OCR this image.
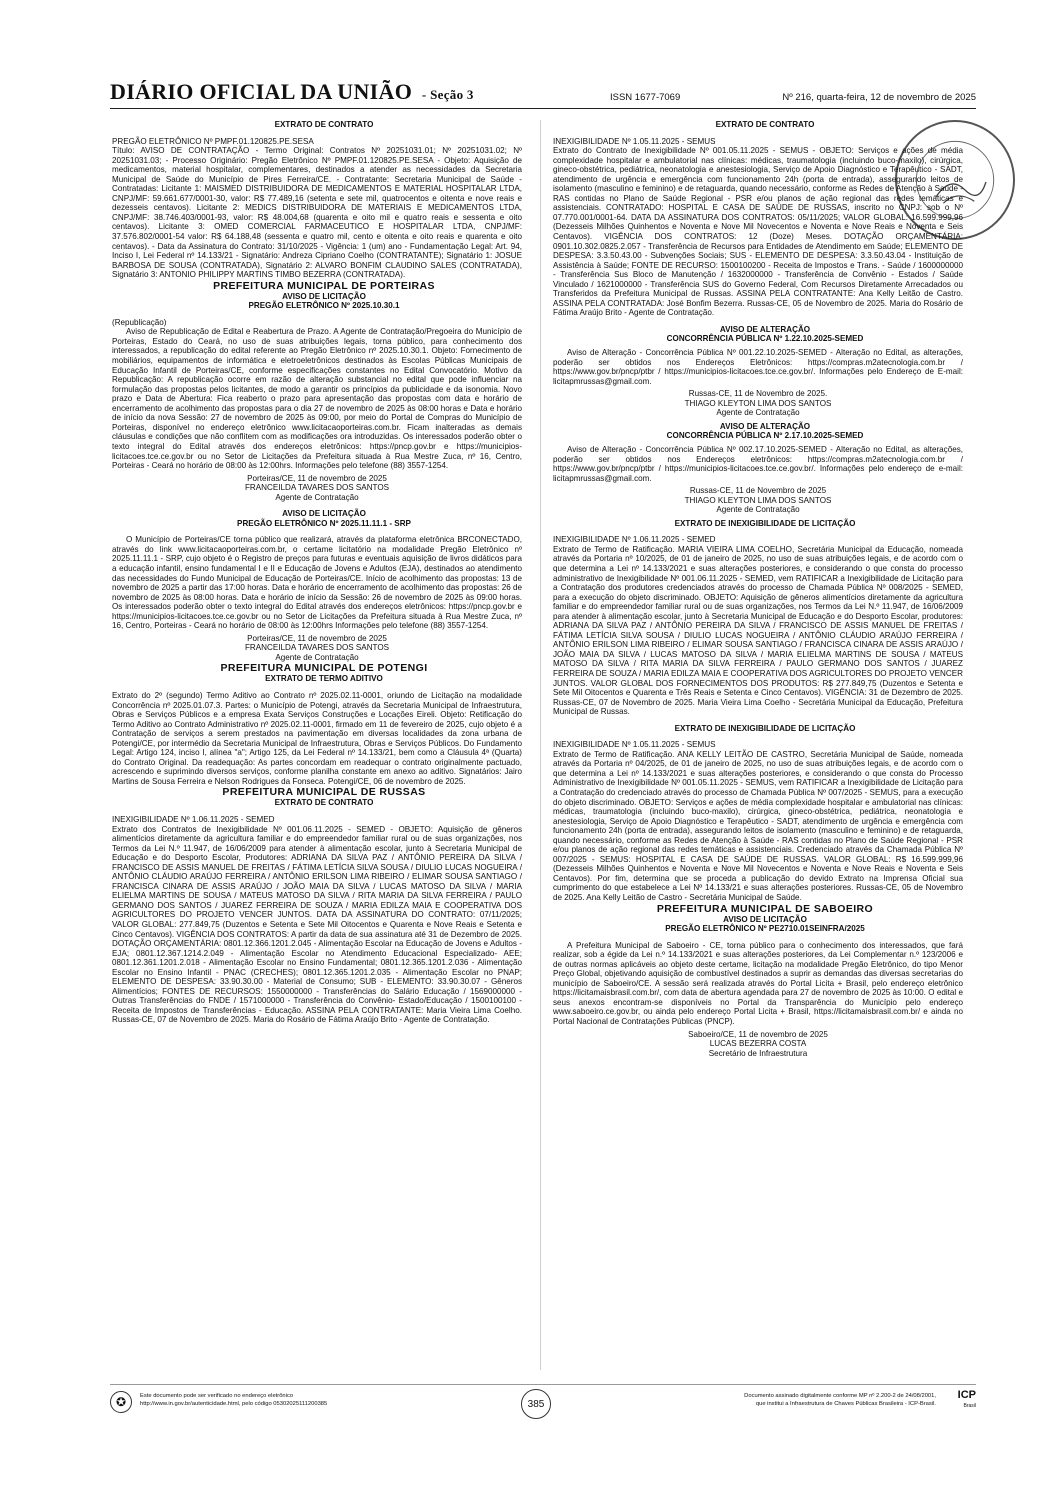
DIÁRIO OFICIAL DA UNIÃO - Seção 3	ISSN 1677-7069	Nº 216, quarta-feira, 12 de novembro de 2025

EXTRATO DE CONTRATO

PREGÃO ELETRÔNICO Nº PMPF.01.120825.PE.SESA

Título: AVISO DE CONTRATAÇÃO - Termo Original: Contratos Nº 20251031.01; Nº 20251031.02; Nº 20251031.03; - Processo Originário: Pregão Eletrônico Nº PMPF.01.120825.PE.SESA - Objeto: Aquisição de medicamentos, material hospitalar, complementares, destinados a atender as necessidades da Secretaria Municipal de Saúde do Município de Pires Ferreira/CE. - Contratante: Secretaria Municipal de Saúde - Contratadas: Licitante 1: MAISMED DISTRIBUIDORA DE MEDICAMENTOS E MATERIAL HOSPITALAR LTDA, CNPJ/MF: 59.661.677/0001-30, valor: R$ 77.489,16 (setenta e sete mil, quatrocentos e oitenta e nove reais e dezesseis centavos). Licitante 2: MEDICS DISTRIBUIDORA DE MATERIAIS E MEDICAMENTOS LTDA, CNPJ/MF: 38.746.403/0001-93, valor: R$ 48.004,68 (quarenta e oito mil e quatro reais e sessenta e oito centavos). Licitante 3: OMED COMERCIAL FARMACEUTICO E HOSPITALAR LTDA, CNPJ/MF: 37.576.802/0001-54 valor: R$ 64.188,48 (sessenta e quatro mil, cento e oitenta e oito reais e quarenta e oito centavos). - Data da Assinatura do Contrato: 31/10/2025 - Vigência: 1 (um) ano - Fundamentação Legal: Art. 94, Inciso I, Lei Federal nº 14.133/21 - Signatário: Andreza Cipriano Coelho (CONTRATANTE); Signatário 1: JOSUE BARBOSA DE SOUSA (CONTRATADA), Signatário 2: ALVARO BONFIM CLAUDINO SALES (CONTRATADA), Signatário 3: ANTONIO PHILIPPY MARTINS TIMBO BEZERRA (CONTRATADA).

PREFEITURA MUNICIPAL DE PORTEIRAS

AVISO DE LICITAÇÃO

PREGÃO ELETRÔNICO Nº 2025.10.30.1

(Republicação)

Aviso de Republicação de Edital e Reabertura de Prazo. A Agente de Contratação/Pregoeira do Município de Porteiras, Estado do Ceará, no uso de suas atribuições legais, torna público, para conhecimento dos interessados, a republicação do edital referente ao Pregão Eletrônico nº 2025.10.30.1. Objeto: Fornecimento de mobiliários, equipamentos de informática e eletroeletrônicos destinados às Escolas Públicas Municipais de Educação Infantil de Porteiras/CE, conforme especificações constantes no Edital Convocatório. Motivo da Republicação: A republicação ocorre em razão de alteração substancial no edital que pode influenciar na formulação das propostas pelos licitantes, de modo a garantir os princípios da publicidade e da isonomia. Novo prazo e Data de Abertura: Fica reaberto o prazo para apresentação das propostas com data e horário de encerramento de acolhimento das propostas para o dia 27 de novembro de 2025 às 08:00 horas e Data e horário de início da nova Sessão: 27 de novembro de 2025 às 09:00, por meio do Portal de Compras do Município de Porteiras, disponível no endereço eletrônico www.licitacaoporteiras.com.br. Ficam inalteradas as demais cláusulas e condições que não conflitem com as modificações ora introduzidas. Os interessados poderão obter o texto integral do Edital através dos endereços eletrônicos: https://pncp.gov.br e https://municipios-licitacoes.tce.ce.gov.br ou no Setor de Licitações da Prefeitura situada à Rua Mestre Zuca, nº 16, Centro, Porteiras - Ceará no horário de 08:00 às 12:00hrs. Informações pelo telefone (88) 3557-1254.

Porteiras/CE, 11 de novembro de 2025
FRANCEILDA TAVARES DOS SANTOS
Agente de Contratação

AVISO DE LICITAÇÃO

PREGÃO ELETRÔNICO Nº 2025.11.11.1 - SRP

O Município de Porteiras/CE torna público que realizará, através da plataforma eletrônica BRCONECTADO, através do link www.licitacaoporteiras.com.br, o certame licitatório na modalidade Pregão Eletrônico nº 2025.11.11.1 - SRP, cujo objeto é o Registro de preços para futuras e eventuais aquisição de livros didáticos para a educação infantil, ensino fundamental I e II e Educação de Jovens e Adultos (EJA), destinados ao atendimento das necessidades do Fundo Municipal de Educação de Porteiras/CE. Início de acolhimento das propostas: 13 de novembro de 2025 a partir das 17:00 horas. Data e horário de encerramento de acolhimento das propostas: 26 de novembro de 2025 às 08:00 horas. Data e horário de início da Sessão: 26 de novembro de 2025 às 09:00 horas. Os interessados poderão obter o texto integral do Edital através dos endereços eletrônicos: https://pncp.gov.br e https://municipios-licitacoes.tce.ce.gov.br ou no Setor de Licitações da Prefeitura situada à Rua Mestre Zuca, nº 16, Centro, Porteiras - Ceará no horário de 08:00 às 12:00hrs Informações pelo telefone (88) 3557-1254.

Porteiras/CE, 11 de novembro de 2025
FRANCEILDA TAVARES DOS SANTOS
Agente de Contratação

PREFEITURA MUNICIPAL DE POTENGI

EXTRATO DE TERMO ADITIVO

Extrato do 2º (segundo) Termo Aditivo ao Contrato nº 2025.02.11-0001, oriundo de Licitação na modalidade Concorrência nº 2025.01.07.3. Partes: o Município de Potengi, através da Secretaria Municipal de Infraestrutura, Obras e Serviços Públicos e a empresa Exata Serviços Construções e Locações Eireli. Objeto: Retificação do Termo Aditivo ao Contrato Administrativo nº 2025.02.11-0001, firmado em 11 de fevereiro de 2025, cujo objeto é a Contratação de serviços a serem prestados na pavimentação em diversas localidades da zona urbana de Potengi/CE, por intermédio da Secretaria Municipal de Infraestrutura, Obras e Serviços Públicos. Do Fundamento Legal: Artigo 124, inciso I, alínea "a"; Artigo 125, da Lei Federal nº 14.133/21, bem como a Cláusula 4ª (Quarta) do Contrato Original. Da readequação: As partes concordam em readequar o contrato originalmente pactuado, acrescendo e suprimindo diversos serviços, conforme planilha constante em anexo ao aditivo. Signatários: Jairo Martins de Sousa Ferreira e Nelson Rodrigues da Fonseca. Potengi/CE, 06 de novembro de 2025.

PREFEITURA MUNICIPAL DE RUSSAS

EXTRATO DE CONTRATO

INEXIGIBILIDADE Nº 1.06.11.2025 - SEMED

Extrato dos Contratos de Inexigibilidade Nº 001.06.11.2025 - SEMED - OBJETO: Aquisição de gêneros alimentícios diretamente da agricultura familiar e do empreendedor familiar rural ou de suas organizações, nos Termos da Lei N.º 11.947, de 16/06/2009 para atender à alimentação escolar, junto à Secretaria Municipal de Educação e do Desporto Escolar, Produtores: ADRIANA DA SILVA PAZ / ANTÔNIO PEREIRA DA SILVA / FRANCISCO DE ASSIS MANUEL DE FREITAS / FÁTIMA LETÍCIA SILVA SOUSA / DIULIO LUCAS NOGUEIRA / ANTÔNIO CLÁUDIO ARAÚJO FERREIRA / ANTÔNIO ERILSON LIMA RIBEIRO / ELIMAR SOUSA SANTIAGO / FRANCISCA CINARA DE ASSIS ARAÚJO / JOÃO MAIA DA SILVA / LUCAS MATOSO DA SILVA / MARIA ELIELMA MARTINS DE SOUSA / MATEUS MATOSO DA SILVA / RITA MARIA DA SILVA FERREIRA / PAULO GERMANO DOS SANTOS / JUAREZ FERREIRA DE SOUZA / MARIA EDILZA MAIA E COOPERATIVA DOS AGRICULTORES DO PROJETO VENCER JUNTOS. DATA DA ASSINATURA DO CONTRATO: 07/11/2025; VALOR GLOBAL: 277.849,75 (Duzentos e Setenta e Sete Mil Oitocentos e Quarenta e Nove Reais e Setenta e Cinco Centavos). VIGÊNCIA DOS CONTRATOS: A partir da data de sua assinatura até 31 de Dezembro de 2025. DOTAÇÃO ORÇAMENTÁRIA: 0801.12.366.1201.2.045 - Alimentação Escolar na Educação de Jovens e Adultos - EJA; 0801.12.367.1214.2.049 - Alimentação Escolar no Atendimento Educacional Especializado- AEE; 0801.12.361.1201.2.018 - Alimentação Escolar no Ensino Fundamental; 0801.12.365.1201.2.036 - Alimentação Escolar no Ensino Infantil - PNAC (CRECHES); 0801.12.365.1201.2.035 - Alimentação Escolar no PNAP; ELEMENTO DE DESPESA: 33.90.30.00 - Material de Consumo; SUB - ELEMENTO: 33.90.30.07 - Gêneros Alimentícios; FONTES DE RECURSOS: 1550000000 - Transferências do Salário Educação / 1569000000 - Outras Transferências do FNDE / 1571000000 - Transferência do Convênio- Estado/Educação / 1500100100 - Receita de Impostos de Transferências - Educação. ASSINA PELA CONTRATANTE: Maria Vieira Lima Coelho. Russas-CE, 07 de Novembro de 2025. Maria do Rosário de Fátima Araújo Brito - Agente de Contratação.

EXTRATO DE CONTRATO

INEXIGIBILIDADE Nº 1.05.11.2025 - SEMUS

Extrato do Contrato de Inexigibilidade Nº 001.05.11.2025 - SEMUS - OBJETO: Serviços e ações de média complexidade hospitalar e ambulatorial nas clínicas: médicas, traumatologia (incluindo buco-maxilo), cirúrgica, gineco-obstétrica, pediátrica, neonatologia e anestesiologia, Serviço de Apoio Diagnóstico e Terapêutico - SADT, atendimento de urgência e emergência com funcionamento 24h (porta de entrada), assegurando leitos de isolamento (masculino e feminino) e de retaguarda, quando necessário, conforme as Redes de Atenção à Saúde - RAS contidas no Plano de Saúde Regional - PSR e/ou planos de ação regional das redes temáticas e assistenciais. CONTRATADO: HOSPITAL E CASA DE SAÚDE DE RUSSAS, inscrito no CNPJ: sob o Nº 07.770.001/0001-64. DATA DA ASSINATURA DOS CONTRATOS: 05/11/2025; VALOR GLOBAL: 16.599.999,96 (Dezesseis Milhões Quinhentos e Noventa e Nove Mil Novecentos e Noventa e Nove Reais e Noventa e Seis Centavos). VIGÊNCIA DOS CONTRATOS: 12 (Doze) Meses. DOTAÇÃO ORÇAMENTÁRIA: 0901.10.302.0825.2.057 - Transferência de Recursos para Entidades de Atendimento em Saúde; ELEMENTO DE DESPESA: 3.3.50.43.00 - Subvenções Sociais; SUS - ELEMENTO DE DESPESA: 3.3.50.43.04 - Instituição de Assistência à Saúde; FONTE DE RECURSO: 1500100200 - Receita de Impostos e Trans. - Saúde / 1600000000 - Transferência Sus Bloco de Manutenção / 1632000000 - Transferência de Convênio - Estados / Saúde Vinculado / 1621000000 - Transferência SUS do Governo Federal, Com Recursos Diretamente Arrecadados ou Transferidos da Prefeitura Municipal de Russas. ASSINA PELA CONTRATANTE: Ana Kelly Leitão de Castro. ASSINA PELA CONTRATADA: José Bonfim Bezerra. Russas-CE, 05 de Novembro de 2025. Maria do Rosário de Fátima Araújo Brito - Agente de Contratação.

AVISO DE ALTERAÇÃO

CONCORRÊNCIA PÚBLICA Nº 1.22.10.2025-SEMED

Aviso de Alteração - Concorrência Pública Nº 001.22.10.2025-SEMED - Alteração no Edital, as alterações, poderão ser obtidos nos Endereços Eletrônicos: https://compras.m2atecnologia.com.br / https://www.gov.br/pncp/ptbr / https://municipios-licitacoes.tce.ce.gov.br/. Informações pelo Endereço de E-mail: licitapmrussas@gmail.com.

Russas-CE, 11 de Novembro de 2025.
THIAGO KLEYTON LIMA DOS SANTOS
Agente de Contratação

AVISO DE ALTERAÇÃO

CONCORRÊNCIA PÚBLICA Nº 2.17.10.2025-SEMED

Aviso de Alteração - Concorrência Pública Nº 002.17.10.2025-SEMED - Alteração no Edital, as alterações, poderão ser obtidos nos Endereços eletrônicos: https://compras.m2atecnologia.com.br / https://www.gov.br/pncp/ptbr / https://municipios-licitacoes.tce.ce.gov.br/. Informações pelo endereço de e-mail: licitapmrussas@gmail.com.

Russas-CE, 11 de Novembro de 2025
THIAGO KLEYTON LIMA DOS SANTOS
Agente de Contratação

EXTRATO DE INEXIGIBILIDADE DE LICITAÇÃO

INEXIGIBILIDADE Nº 1.06.11.2025 - SEMED

Extrato de Termo de Ratificação. MARIA VIEIRA LIMA COELHO, Secretária Municipal da Educação, nomeada através da Portaria nº 10/2025, de 01 de janeiro de 2025, no uso de suas atribuições legais, e de acordo com o que determina a Lei nº 14.133/2021 e suas alterações posteriores, e considerando o que consta do processo administrativo de Inexigibilidade Nº 001.06.11.2025 - SEMED, vem RATIFICAR a Inexigibilidade de Licitação para a Contratação dos produtores credenciados através do processo de Chamada Pública Nº 008/2025 - SEMED, para a execução do objeto discriminado. OBJETO: Aquisição de gêneros alimentícios diretamente da agricultura familiar e do empreendedor familiar rural ou de suas organizações, nos Termos da Lei N.º 11.947, de 16/06/2009 para atender à alimentação escolar, junto à Secretaria Municipal de Educação e do Desporto Escolar, produtores: ADRIANA DA SILVA PAZ / ANTÔNIO PEREIRA DA SILVA / FRANCISCO DE ASSIS MANUEL DE FREITAS / FÁTIMA LETÍCIA SILVA SOUSA / DIULIO LUCAS NOGUEIRA / ANTÔNIO CLÁUDIO ARAÚJO FERREIRA / ANTÔNIO ERILSON LIMA RIBEIRO / ELIMAR SOUSA SANTIAGO / FRANCISCA CINARA DE ASSIS ARAÚJO / JOÃO MAIA DA SILVA / LUCAS MATOSO DA SILVA / MARIA ELIELMA MARTINS DE SOUSA / MATEUS MATOSO DA SILVA / RITA MARIA DA SILVA FERREIRA / PAULO GERMANO DOS SANTOS / JUAREZ FERREIRA DE SOUZA / MARIA EDILZA MAIA E COOPERATIVA DOS AGRICULTORES DO PROJETO VENCER JUNTOS. VALOR GLOBAL DOS FORNECIMENTOS DOS PRODUTOS: R$ 277.849,75 (Duzentos e Setenta e Sete Mil Oitocentos e Quarenta e Três Reais e Setenta e Cinco Centavos). VIGÊNCIA: 31 de Dezembro de 2025. Russas-CE, 07 de Novembro de 2025. Maria Vieira Lima Coelho - Secretária Municipal da Educação, Prefeitura Municipal de Russas.

EXTRATO DE INEXIGIBILIDADE DE LICITAÇÃO

INEXIGIBILIDADE Nº 1.05.11.2025 - SEMUS

Extrato de Termo de Ratificação. ANA KELLY LEITÃO DE CASTRO, Secretária Municipal de Saúde, nomeada através da Portaria nº 04/2025, de 01 de janeiro de 2025, no uso de suas atribuições legais, e de acordo com o que determina a Lei nº 14.133/2021 e suas alterações posteriores, e considerando o que consta do Processo Administrativo de Inexigibilidade Nº 001.05.11.2025 - SEMUS, vem RATIFICAR a Inexigibilidade de Licitação para a Contratação do credenciado através do processo de Chamada Pública Nº 007/2025 - SEMUS, para a execução do objeto discriminado. OBJETO: Serviços e ações de média complexidade hospitalar e ambulatorial nas clínicas: médicas, traumatologia (incluindo buco-maxilo), cirúrgica, gineco-obstétrica, pediátrica, neonatologia e anestesiologia, Serviço de Apoio Diagnóstico e Terapêutico - SADT, atendimento de urgência e emergência com funcionamento 24h (porta de entrada), assegurando leitos de isolamento (masculino e feminino) e de retaguarda, quando necessário, conforme as Redes de Atenção à Saúde - RAS contidas no Plano de Saúde Regional - PSR e/ou planos de ação regional das redes temáticas e assistenciais. Credenciado através da Chamada Pública Nº 007/2025 - SEMUS: HOSPITAL E CASA DE SAÚDE DE RUSSAS. VALOR GLOBAL: R$ 16.599.999,96 (Dezesseis Milhões Quinhentos e Noventa e Nove Mil Novecentos e Noventa e Nove Reais e Noventa e Seis Centavos). Por fim, determina que se proceda a publicação do devido Extrato na Imprensa Oficial sua cumprimento do que estabelece a Lei Nº 14.133/21 e suas alterações posteriores. Russas-CE, 05 de Novembro de 2025. Ana Kelly Leitão de Castro - Secretária Municipal de Saúde.

PREFEITURA MUNICIPAL DE SABOEIRO

AVISO DE LICITAÇÃO

PREGÃO ELETRÔNICO Nº PE2710.01SEINFRA/2025

A Prefeitura Municipal de Saboeiro - CE, torna público para o conhecimento dos interessados, que fará realizar, sob a égide da Lei n.º 14.133/2021 e suas alterações posteriores, da Lei Complementar n.º 123/2006 e de outras normas aplicáveis ao objeto deste certame, licitação na modalidade Pregão Eletrônico, do tipo Menor Preço Global, objetivando aquisição de combustível destinados a suprir as demandas das diversas secretarias do município de Saboeiro/CE. A sessão será realizada através do Portal Licita + Brasil, pelo endereço eletrônico https://licitamaisbrasil.com.br/, com data de abertura agendada para 27 de novembro de 2025 às 10:00. O edital e seus anexos encontram-se disponíveis no Portal da Transparência do Município pelo endereço www.saboeiro.ce.gov.br, ou ainda pelo endereço Portal Licita + Brasil, https://licitamaisbrasil.com.br/ e ainda no Portal Nacional de Contratações Públicas (PNCP).

Saboeiro/CE, 11 de novembro de 2025
LUCAS BEZERRA COSTA
Secretário de Infraestrutura
✪	Este documento pode ser verificado no endereço eletrônico
http://www.in.gov.br/autenticidade.html, pelo código 05302025111200385	385
Documento assinado digitalmente conforme MP nº 2.200-2 de 24/08/2001,
que institui a Infraestrutura de Chaves Públicas Brasileira - ICP-Brasil.
ICP
Brasil
